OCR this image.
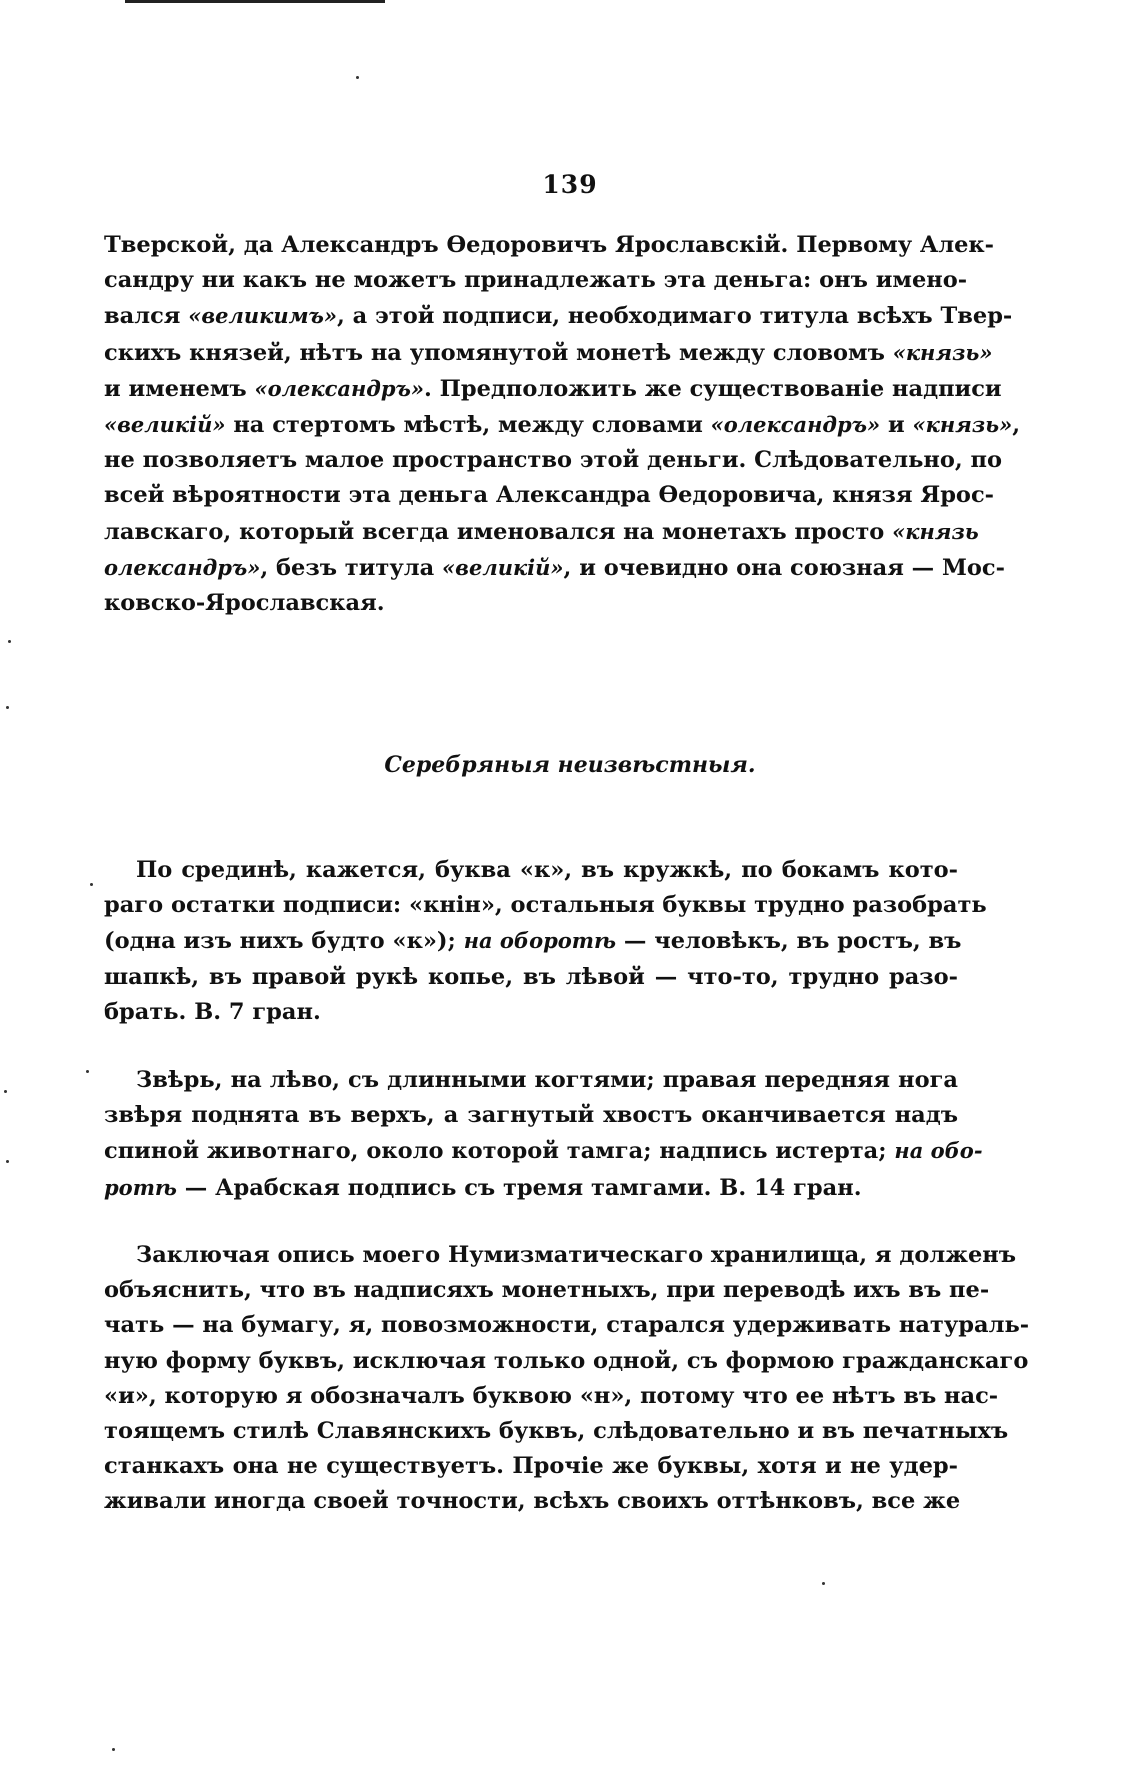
139
Тверской, да Александръ Ѳедоровичъ Ярославскій. Первому Алек-
сандру ни какъ не можетъ принадлежать эта деньга: онъ имено-
вался «великимъ», а этой подписи, необходимаго титула всѣхъ Твер-
скихъ князей, нѣтъ на упомянутой монетѣ между словомъ «князь»
и именемъ «олександръ». Предположить же существованіе надписи
«великій» на стертомъ мѣстѣ, между словами «олександръ» и «князь»,
не позволяетъ малое пространство этой деньги. Слѣдовательно, по
всей вѣроятности эта деньга Александра Ѳедоровича, князя Ярос-
лавскаго, который всегда именовался на монетахъ просто «князь
олександръ», безъ титула «великій», и очевидно она союзная — Мос-
ковско-Ярославская.
Серебряныя неизвѣстныя.
По срединѣ, кажется, буква «к», въ кружкѣ, по бокамъ кото-
раго остатки подписи: «кнін», остальныя буквы трудно разобрать
(одна изъ нихъ будто «к»); на оборотѣ — человѣкъ, въ ростъ, въ
шапкѣ, въ правой рукѣ копье, въ лѣвой — что-то, трудно разо-
брать. В. 7 гран.
Звѣрь, на лѣво, съ длинными когтями; правая передняя нога
звѣря поднята въ верхъ, а загнутый хвостъ оканчивается надъ
спиной животнаго, около которой тамга; надпись истерта; на обо-
ротѣ — Арабская подпись съ тремя тамгами. В. 14 гран.
Заключая опись моего Нумизматическаго хранилища, я долженъ
объяснить, что въ надписяхъ монетныхъ, при переводѣ ихъ въ пе-
чать — на бумагу, я, повозможности, старался удерживать натураль-
ную форму буквъ, исключая только одной, съ формою гражданскаго
«и», которую я обозначалъ буквою «н», потому что ее нѣтъ въ нас-
тоящемъ стилѣ Славянскихъ буквъ, слѣдовательно и въ печатныхъ
станкахъ она не существуетъ. Прочіе же буквы, хотя и не удер-
живали иногда своей точности, всѣхъ своихъ оттѣнковъ, все же
